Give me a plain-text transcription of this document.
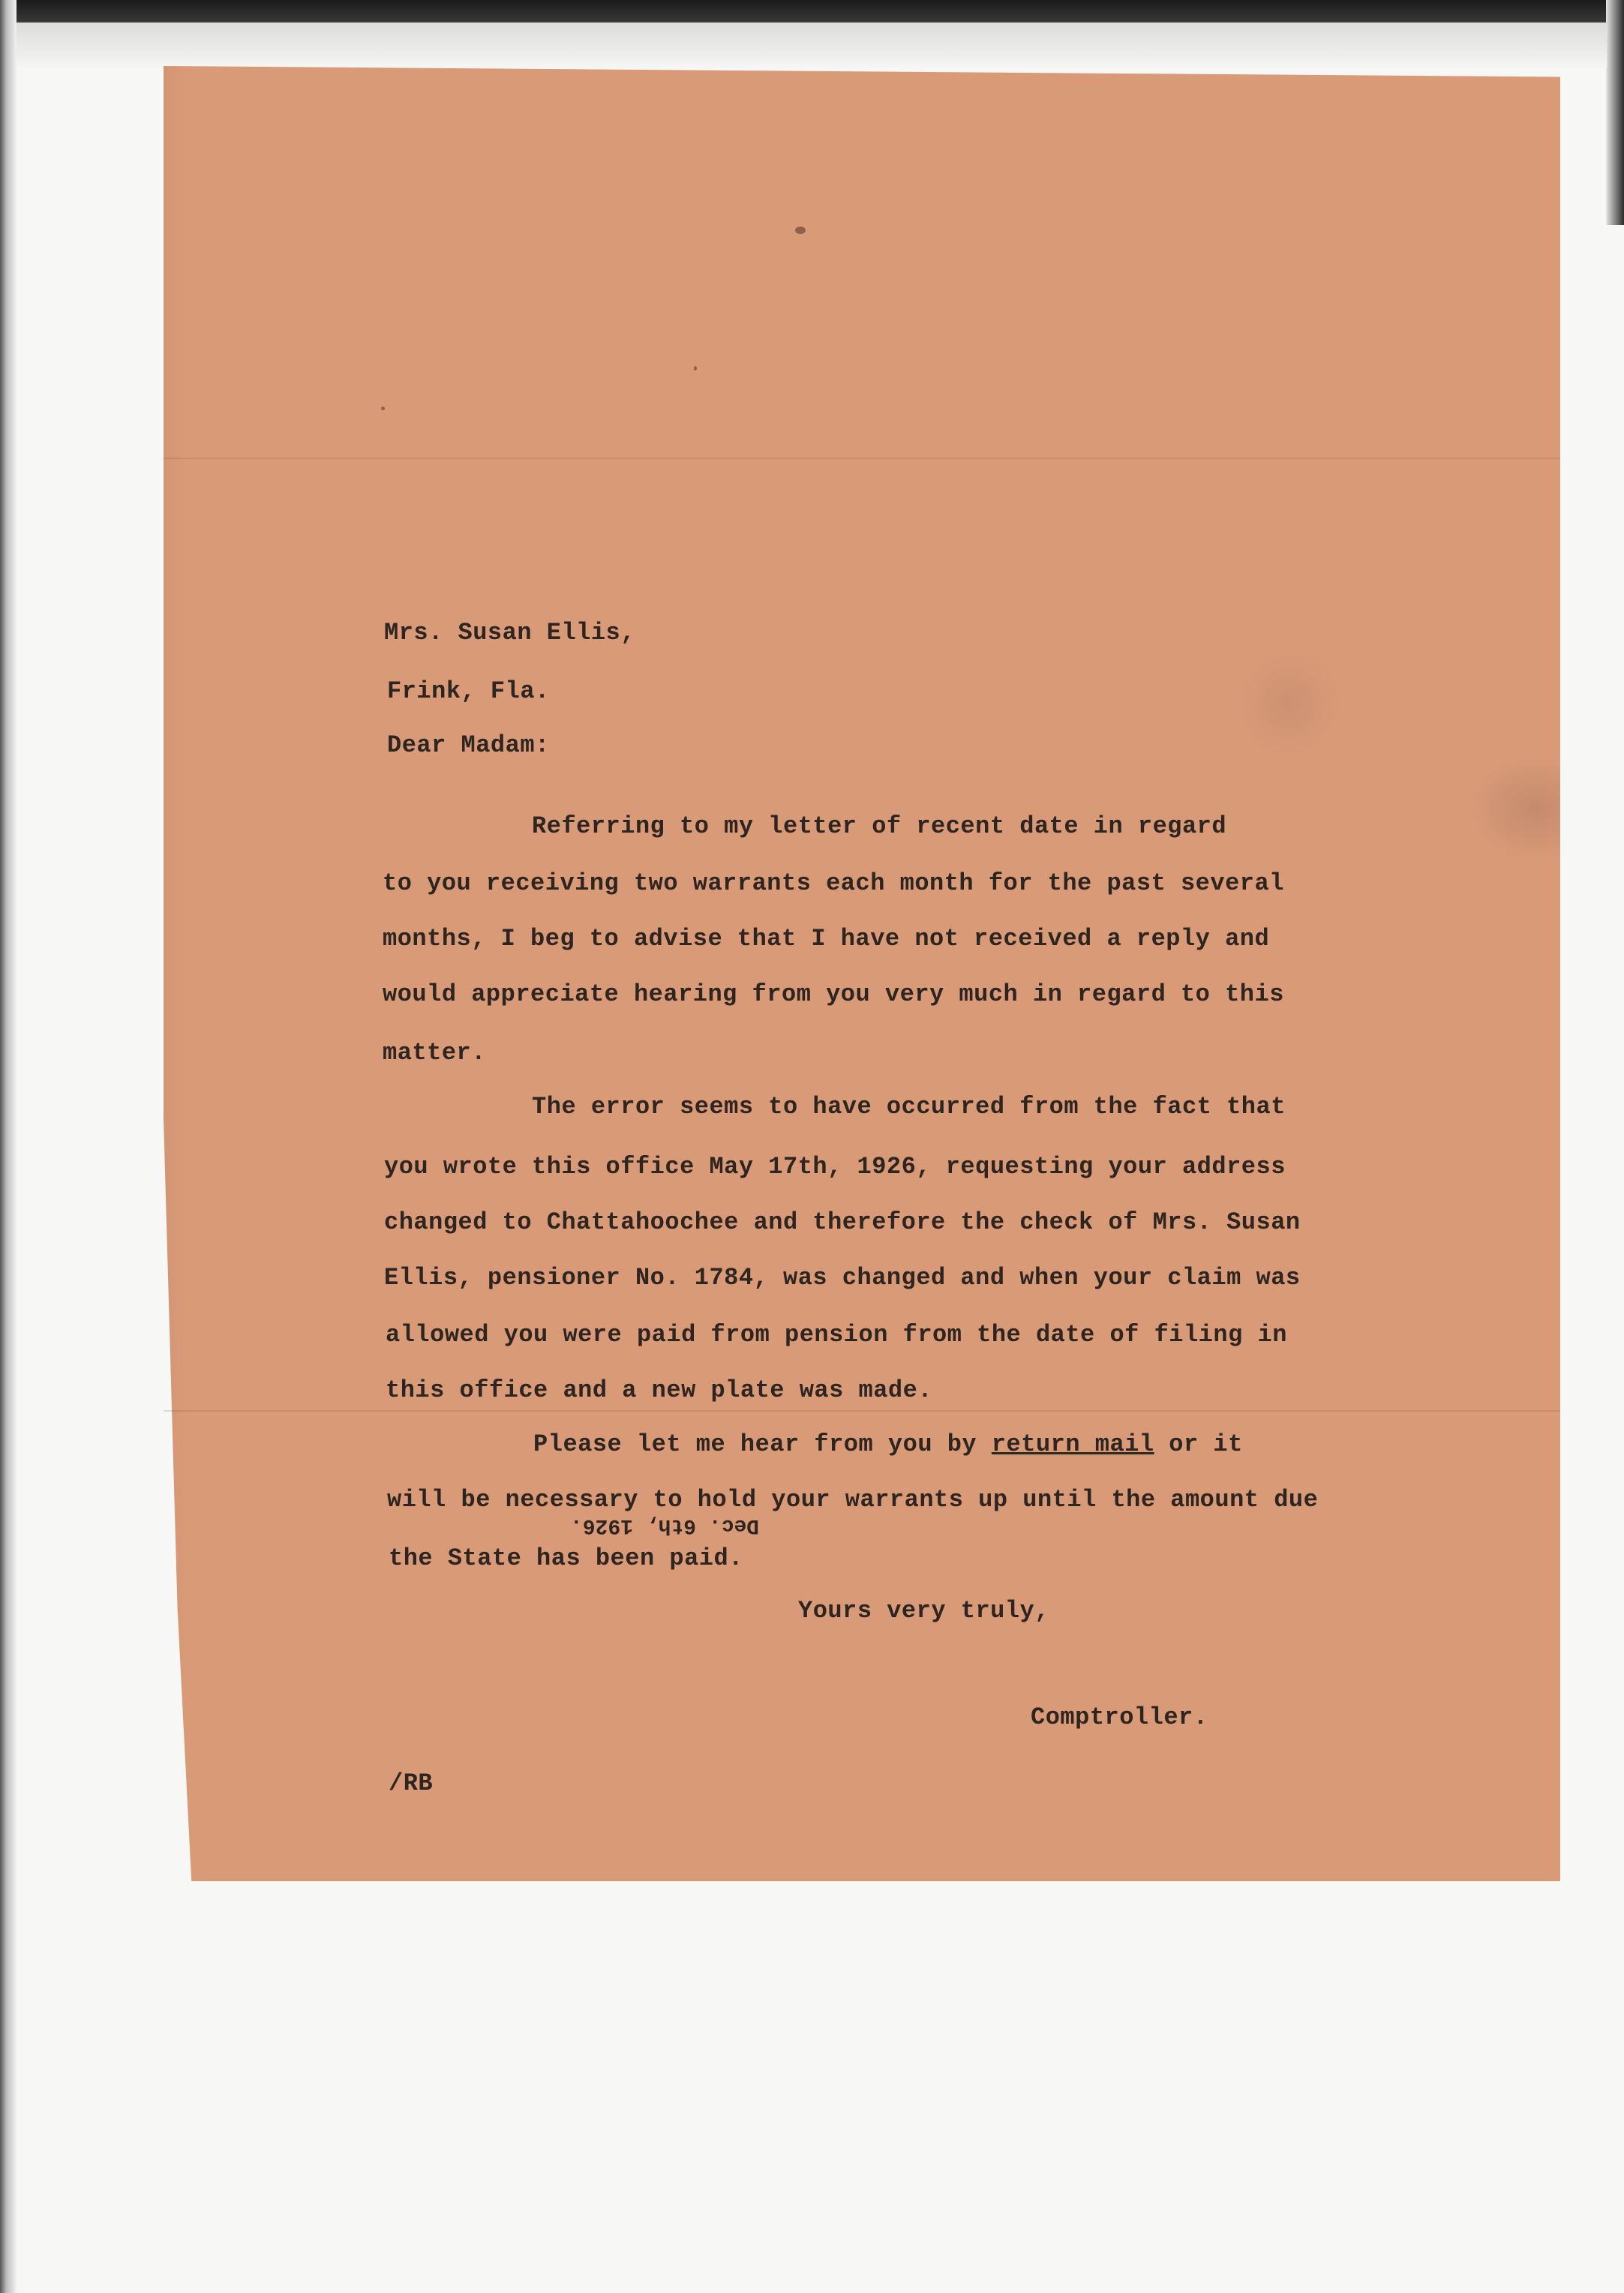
Mrs. Susan Ellis,

Frink, Fla.

Dear Madam:

Referring to my letter of recent date in regard

to you receiving two warrants each month for the past several

months, I beg to advise that I have not received a reply and

would appreciate hearing from you very much in regard to this

matter.

The error seems to have occurred from the fact that

you wrote this office May 17th, 1926, requesting your address

changed to Chattahoochee and therefore the check of Mrs. Susan

Ellis, pensioner No. 1784, was changed and when your claim was

allowed you were paid from pension from the date of filing in

this office and a new plate was made.

Please let me hear from you by return mail or it

will be necessary to hold your warrants up until the amount due

Dec. 6th, 1926.

the State has been paid.

Yours very truly,

Comptroller.

/RB
